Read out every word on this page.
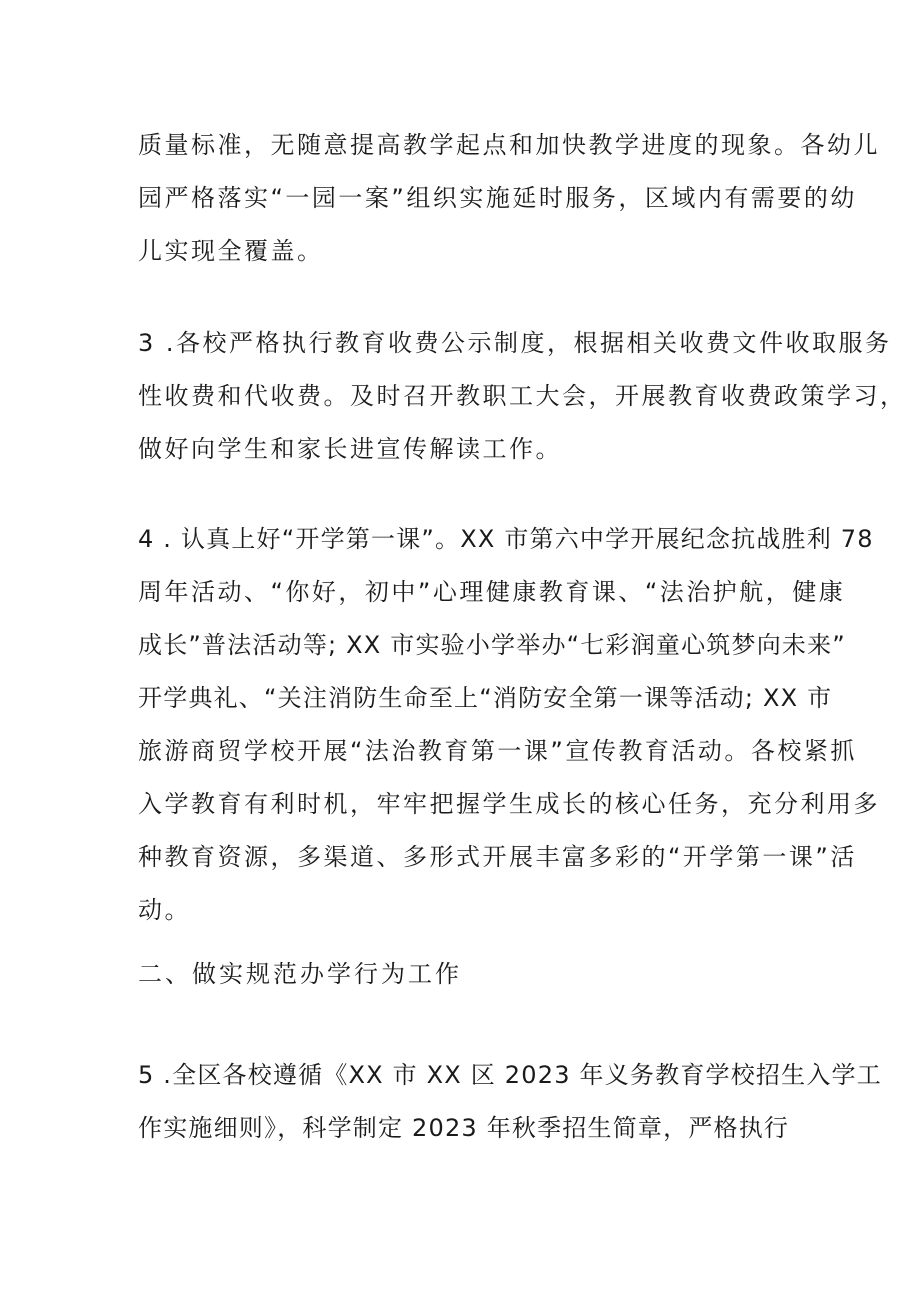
质量标准，无随意提高教学起点和加快教学进度的现象。各幼儿
园严格落实“一园一案”组织实施延时服务，区域内有需要的幼
儿实现全覆盖。
3 .各校严格执行教育收费公示制度，根据相关收费文件收取服务
性收费和代收费。及时召开教职工大会，开展教育收费政策学习，
做好向学生和家长进宣传解读工作。
4 . 认真上好“开学第一课”。XX 市第六中学开展纪念抗战胜利 78
周年活动、“你好，初中”心理健康教育课、“法治护航，健康
成长”普法活动等; XX 市实验小学举办“七彩润童心筑梦向未来”
开学典礼、“关注消防生命至上“消防安全第一课等活动; XX 市
旅游商贸学校开展“法治教育第一课”宣传教育活动。各校紧抓
入学教育有利时机，牢牢把握学生成长的核心任务，充分利用多
种教育资源，多渠道、多形式开展丰富多彩的“开学第一课”活
动。
二、做实规范办学行为工作
5 .全区各校遵循《XX 市 XX 区 2023 年义务教育学校招生入学工
作实施细则》，科学制定 2023 年秋季招生简章，严格执行
